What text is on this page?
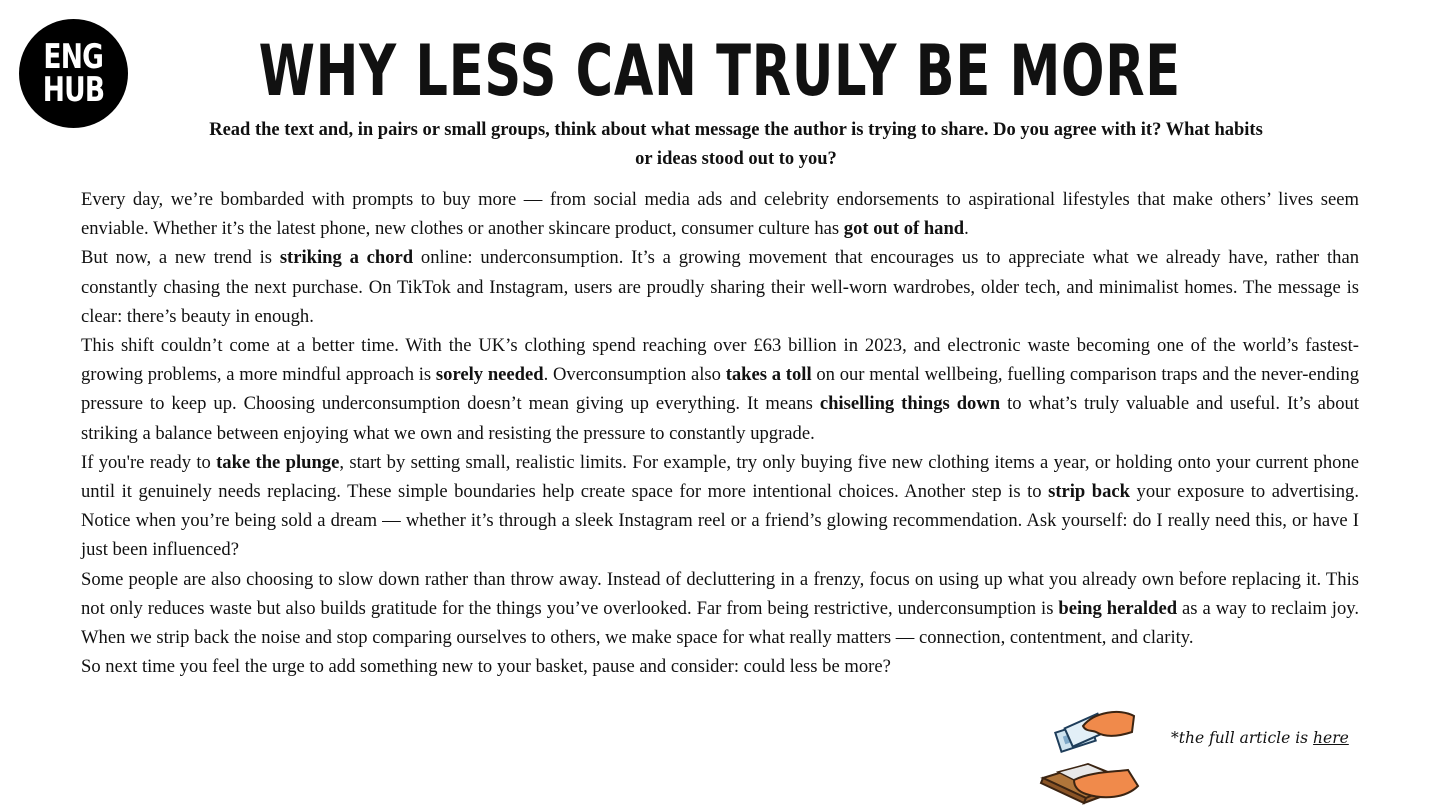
ENG
HUB	WHY LESS CAN TRULY BE MORE

Read the text and, in pairs or small groups, think about what message the author is trying to share. Do you agree with it? What habits or ideas stood out to you?

Every day, we’re bombarded with prompts to buy more — from social media ads and celebrity endorsements to aspirational lifestyles that make others’ lives seem enviable. Whether it’s the latest phone, new clothes or another skincare product, consumer culture has got out of hand.

But now, a new trend is striking a chord online: underconsumption. It’s a growing movement that encourages us to appreciate what we already have, rather than constantly chasing the next purchase. On TikTok and Instagram, users are proudly sharing their well-worn wardrobes, older tech, and minimalist homes. The message is clear: there’s beauty in enough.

This shift couldn’t come at a better time. With the UK’s clothing spend reaching over £63 billion in 2023, and electronic waste becoming one of the world’s fastest-growing problems, a more mindful approach is sorely needed. Overconsumption also takes a toll on our mental wellbeing, fuelling comparison traps and the never-ending pressure to keep up. Choosing underconsumption doesn’t mean giving up everything. It means chiselling things down to what’s truly valuable and useful. It’s about striking a balance between enjoying what we own and resisting the pressure to constantly upgrade.

If you're ready to take the plunge, start by setting small, realistic limits. For example, try only buying five new clothing items a year, or holding onto your current phone until it genuinely needs replacing. These simple boundaries help create space for more intentional choices. Another step is to strip back your exposure to advertising. Notice when you’re being sold a dream — whether it’s through a sleek Instagram reel or a friend’s glowing recommendation. Ask yourself: do I really need this, or have I just been influenced?

Some people are also choosing to slow down rather than throw away. Instead of decluttering in a frenzy, focus on using up what you already own before replacing it. This not only reduces waste but also builds gratitude for the things you’ve overlooked. Far from being restrictive, underconsumption is being heralded as a way to reclaim joy. When we strip back the noise and stop comparing ourselves to others, we make space for what really matters — connection, contentment, and clarity.

So next time you feel the urge to add something new to your basket, pause and consider: could less be more?

*the full article is here
